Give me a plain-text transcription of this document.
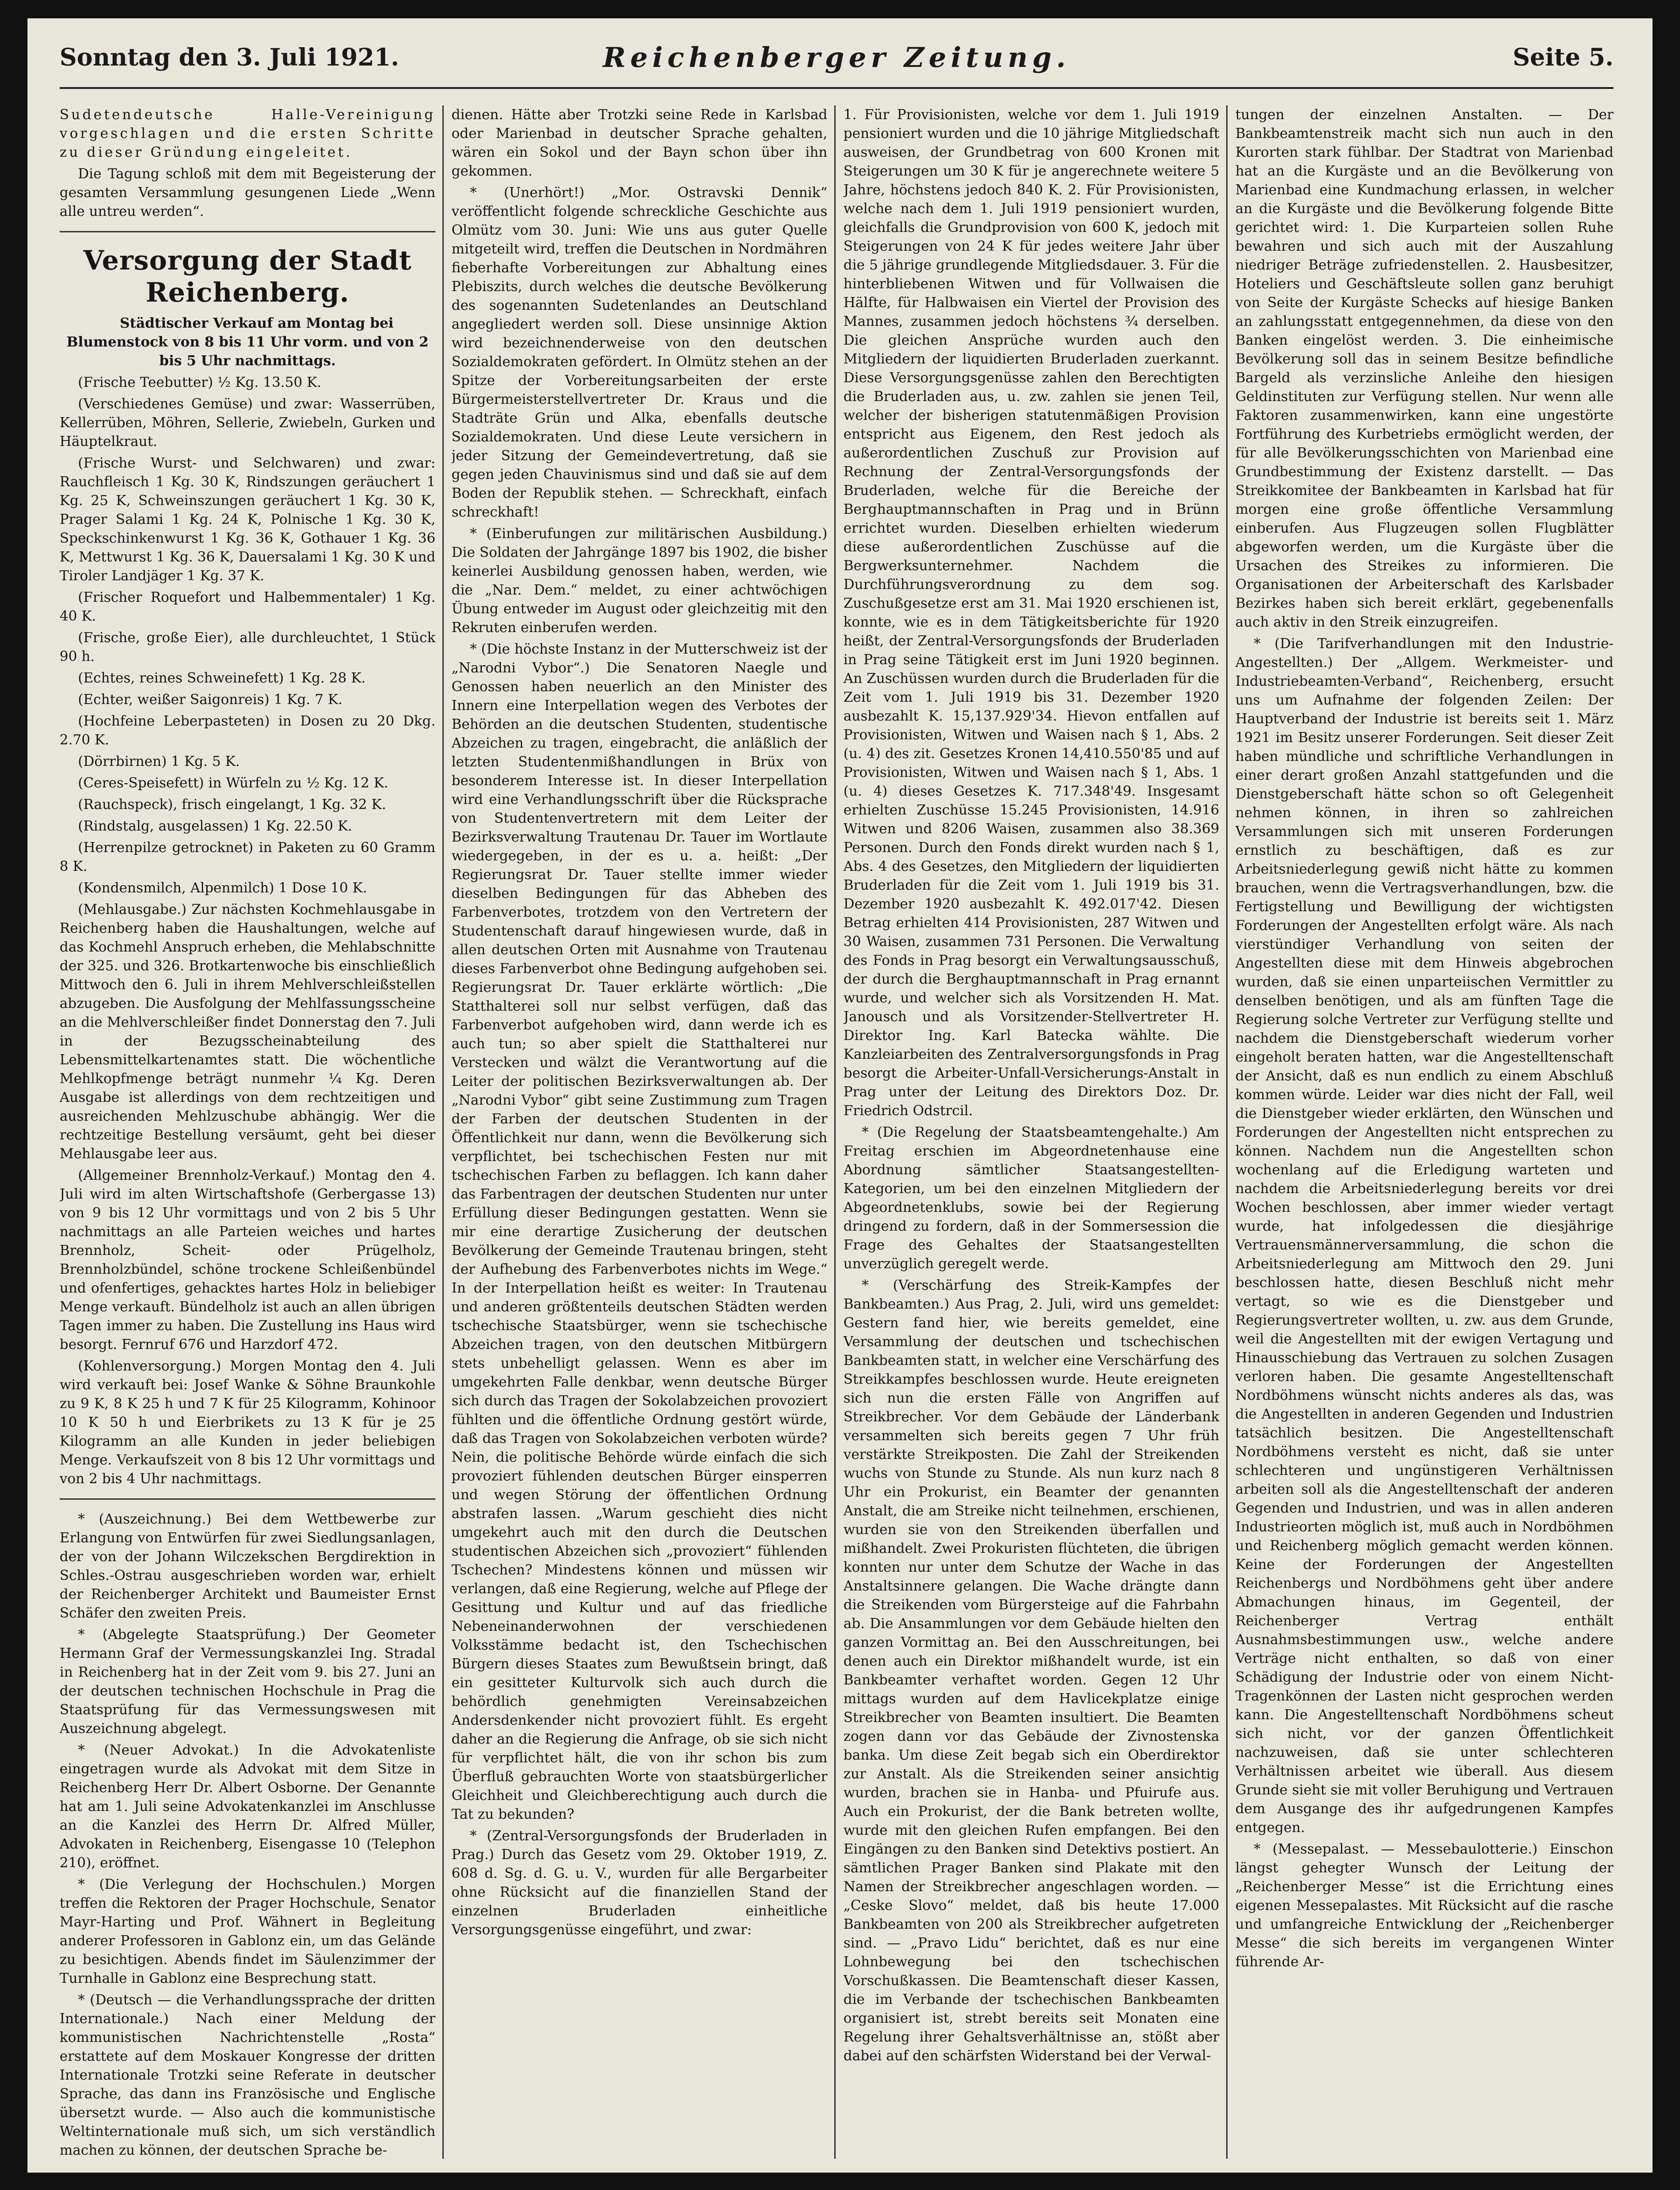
Sonntag den 3. Juli 1921.	Reichenberger Zeitung.	Seite 5.

Sudetendeutsche Halle-Vereinigung vorgeschlagen und die ersten Schritte zu dieser Gründung eingeleitet.

Die Tagung schloß mit dem mit Begeisterung der gesamten Versammlung gesungenen Liede „Wenn alle untreu werden“.

Versorgung der Stadt Reichenberg.

Städtischer Verkauf am Montag bei Blumenstock von 8 bis 11 Uhr vorm. und von 2 bis 5 Uhr nachmittags.

(Frische Teebutter) ½ Kg. 13.50 K.

(Verschiedenes Gemüse) und zwar: Wasserrüben, Kellerrüben, Möhren, Sellerie, Zwiebeln, Gurken und Häuptelkraut.

(Frische Wurst- und Selchwaren) und zwar: Rauchfleisch 1 Kg. 30 K, Rindszungen geräuchert 1 Kg. 25 K, Schweinszungen geräuchert 1 Kg. 30 K, Prager Salami 1 Kg. 24 K, Polnische 1 Kg. 30 K, Speckschinkenwurst 1 Kg. 36 K, Gothauer 1 Kg. 36 K, Mettwurst 1 Kg. 36 K, Dauersalami 1 Kg. 30 K und Tiroler Landjäger 1 Kg. 37 K.

(Frischer Roquefort und Halbemmentaler) 1 Kg. 40 K.

(Frische, große Eier), alle durchleuchtet, 1 Stück 90 h.

(Echtes, reines Schweinefett) 1 Kg. 28 K.

(Echter, weißer Saigonreis) 1 Kg. 7 K.

(Hochfeine Leberpasteten) in Dosen zu 20 Dkg. 2.70 K.

(Dörrbirnen) 1 Kg. 5 K.

(Ceres-Speisefett) in Würfeln zu ½ Kg. 12 K.

(Rauchspeck), frisch eingelangt, 1 Kg. 32 K.

(Rindstalg, ausgelassen) 1 Kg. 22.50 K.

(Herrenpilze getrocknet) in Paketen zu 60 Gramm 8 K.

(Kondensmilch, Alpenmilch) 1 Dose 10 K.

(Mehlausgabe.) Zur nächsten Kochmehlausgabe in Reichenberg haben die Haushaltungen, welche auf das Kochmehl Anspruch erheben, die Mehlabschnitte der 325. und 326. Brotkartenwoche bis einschließlich Mittwoch den 6. Juli in ihrem Mehlverschleißstellen abzugeben. Die Ausfolgung der Mehlfassungsscheine an die Mehlverschleißer findet Donnerstag den 7. Juli in der Bezugsscheinabteilung des Lebensmittelkartenamtes statt. Die wöchentliche Mehlkopfmenge beträgt nunmehr ¼ Kg. Deren Ausgabe ist allerdings von dem rechtzeitigen und ausreichenden Mehlzuschube abhängig. Wer die rechtzeitige Bestellung versäumt, geht bei dieser Mehlausgabe leer aus.

(Allgemeiner Brennholz-Verkauf.) Montag den 4. Juli wird im alten Wirtschaftshofe (Gerbergasse 13) von 9 bis 12 Uhr vormittags und von 2 bis 5 Uhr nachmittags an alle Parteien weiches und hartes Brennholz, Scheit- oder Prügelholz, Brennholzbündel, schöne trockene Schleißenbündel und ofenfertiges, gehacktes hartes Holz in beliebiger Menge verkauft. Bündelholz ist auch an allen übrigen Tagen immer zu haben. Die Zustellung ins Haus wird besorgt. Fernruf 676 und Harzdorf 472.

(Kohlenversorgung.) Morgen Montag den 4. Juli wird verkauft bei: Josef Wanke & Söhne Braunkohle zu 9 K, 8 K 25 h und 7 K für 25 Kilogramm, Kohinoor 10 K 50 h und Eierbrikets zu 13 K für je 25 Kilogramm an alle Kunden in jeder beliebigen Menge. Verkaufszeit von 8 bis 12 Uhr vormittags und von 2 bis 4 Uhr nachmittags.

* (Auszeichnung.) Bei dem Wettbewerbe zur Erlangung von Entwürfen für zwei Siedlungsanlagen, der von der Johann Wilczekschen Bergdirektion in Schles.-Ostrau ausgeschrieben worden war, erhielt der Reichenberger Architekt und Baumeister Ernst Schäfer den zweiten Preis.

* (Abgelegte Staatsprüfung.) Der Geometer Hermann Graf der Vermessungskanzlei Ing. Stradal in Reichenberg hat in der Zeit vom 9. bis 27. Juni an der deutschen technischen Hochschule in Prag die Staatsprüfung für das Vermessungswesen mit Auszeichnung abgelegt.

* (Neuer Advokat.) In die Advokatenliste eingetragen wurde als Advokat mit dem Sitze in Reichenberg Herr Dr. Albert Osborne. Der Genannte hat am 1. Juli seine Advokatenkanzlei im Anschlusse an die Kanzlei des Herrn Dr. Alfred Müller, Advokaten in Reichenberg, Eisengasse 10 (Telephon 210), eröffnet.

* (Die Verlegung der Hochschulen.) Morgen treffen die Rektoren der Prager Hochschule, Senator Mayr-Harting und Prof. Wähnert in Begleitung anderer Professoren in Gablonz ein, um das Gelände zu besichtigen. Abends findet im Säulenzimmer der Turnhalle in Gablonz eine Besprechung statt.

* (Deutsch — die Verhandlungssprache der dritten Internationale.) Nach einer Meldung der kommunistischen Nachrichtenstelle „Rosta“ erstattete auf dem Moskauer Kongresse der dritten Internationale Trotzki seine Referate in deutscher Sprache, das dann ins Französische und Englische übersetzt wurde. — Also auch die kommunistische Weltinternationale muß sich, um sich verständlich machen zu können, der deutschen Sprache be-

dienen. Hätte aber Trotzki seine Rede in Karlsbad oder Marienbad in deutscher Sprache gehalten, wären ein Sokol und der Bayn schon über ihn gekommen.

* (Unerhört!) „Mor. Ostravski Dennik“ veröffentlicht folgende schreckliche Geschichte aus Olmütz vom 30. Juni: Wie uns aus guter Quelle mitgeteilt wird, treffen die Deutschen in Nordmähren fieberhafte Vorbereitungen zur Abhaltung eines Plebiszits, durch welches die deutsche Bevölkerung des sogenannten Sudetenlandes an Deutschland angegliedert werden soll. Diese unsinnige Aktion wird bezeichnenderweise von den deutschen Sozialdemokraten gefördert. In Olmütz stehen an der Spitze der Vorbereitungsarbeiten der erste Bürgermeisterstellvertreter Dr. Kraus und die Stadträte Grün und Alka, ebenfalls deutsche Sozialdemokraten. Und diese Leute versichern in jeder Sitzung der Gemeindevertretung, daß sie gegen jeden Chauvinismus sind und daß sie auf dem Boden der Republik stehen. — Schreckhaft, einfach schreckhaft!

* (Einberufungen zur militärischen Ausbildung.) Die Soldaten der Jahrgänge 1897 bis 1902, die bisher keinerlei Ausbildung genossen haben, werden, wie die „Nar. Dem.“ meldet, zu einer achtwöchigen Übung entweder im August oder gleichzeitig mit den Rekruten einberufen werden.

* (Die höchste Instanz in der Mutterschweiz ist der „Narodni Vybor“.) Die Senatoren Naegle und Genossen haben neuerlich an den Minister des Innern eine Interpellation wegen des Verbotes der Behörden an die deutschen Studenten, studentische Abzeichen zu tragen, eingebracht, die anläßlich der letzten Studentenmißhandlungen in Brüx von besonderem Interesse ist. In dieser Interpellation wird eine Verhandlungsschrift über die Rücksprache von Studentenvertretern mit dem Leiter der Bezirksverwaltung Trautenau Dr. Tauer im Wortlaute wiedergegeben, in der es u. a. heißt: „Der Regierungsrat Dr. Tauer stellte immer wieder dieselben Bedingungen für das Abheben des Farbenverbotes, trotzdem von den Vertretern der Studentenschaft darauf hingewiesen wurde, daß in allen deutschen Orten mit Ausnahme von Trautenau dieses Farbenverbot ohne Bedingung aufgehoben sei. Regierungsrat Dr. Tauer erklärte wörtlich: „Die Statthalterei soll nur selbst verfügen, daß das Farbenverbot aufgehoben wird, dann werde ich es auch tun; so aber spielt die Statthalterei nur Verstecken und wälzt die Verantwortung auf die Leiter der politischen Bezirksverwaltungen ab. Der „Narodni Vybor“ gibt seine Zustimmung zum Tragen der Farben der deutschen Studenten in der Öffentlichkeit nur dann, wenn die Bevölkerung sich verpflichtet, bei tschechischen Festen nur mit tschechischen Farben zu beflaggen. Ich kann daher das Farbentragen der deutschen Studenten nur unter Erfüllung dieser Bedingungen gestatten. Wenn sie mir eine derartige Zusicherung der deutschen Bevölkerung der Gemeinde Trautenau bringen, steht der Aufhebung des Farbenverbotes nichts im Wege.“ In der Interpellation heißt es weiter: In Trautenau und anderen größtenteils deutschen Städten werden tschechische Staatsbürger, wenn sie tschechische Abzeichen tragen, von den deutschen Mitbürgern stets unbehelligt gelassen. Wenn es aber im umgekehrten Falle denkbar, wenn deutsche Bürger sich durch das Tragen der Sokolabzeichen provoziert fühlten und die öffentliche Ordnung gestört würde, daß das Tragen von Sokolabzeichen verboten würde? Nein, die politische Behörde würde einfach die sich provoziert fühlenden deutschen Bürger einsperren und wegen Störung der öffentlichen Ordnung abstrafen lassen. „Warum geschieht dies nicht umgekehrt auch mit den durch die Deutschen studentischen Abzeichen sich „provoziert“ fühlenden Tschechen? Mindestens können und müssen wir verlangen, daß eine Regierung, welche auf Pflege der Gesittung und Kultur und auf das friedliche Nebeneinanderwohnen der verschiedenen Volksstämme bedacht ist, den Tschechischen Bürgern dieses Staates zum Bewußtsein bringt, daß ein gesitteter Kulturvolk sich auch durch die behördlich genehmigten Vereinsabzeichen Andersdenkender nicht provoziert fühlt. Es ergeht daher an die Regierung die Anfrage, ob sie sich nicht für verpflichtet hält, die von ihr schon bis zum Überfluß gebrauchten Worte von staatsbürgerlicher Gleichheit und Gleichberechtigung auch durch die Tat zu bekunden?

* (Zentral-Versorgungsfonds der Bruderladen in Prag.) Durch das Gesetz vom 29. Oktober 1919, Z. 608 d. Sg. d. G. u. V., wurden für alle Bergarbeiter ohne Rücksicht auf die finanziellen Stand der einzelnen Bruderladen einheitliche Versorgungsgenüsse eingeführt, und zwar:

1. Für Provisionisten, welche vor dem 1. Juli 1919 pensioniert wurden und die 10 jährige Mitgliedschaft ausweisen, der Grundbetrag von 600 Kronen mit Steigerungen um 30 K für je angerechnete weitere 5 Jahre, höchstens jedoch 840 K. 2. Für Provisionisten, welche nach dem 1. Juli 1919 pensioniert wurden, gleichfalls die Grundprovision von 600 K, jedoch mit Steigerungen von 24 K für jedes weitere Jahr über die 5 jährige grundlegende Mitgliedsdauer. 3. Für die hinterbliebenen Witwen und für Vollwaisen die Hälfte, für Halbwaisen ein Viertel der Provision des Mannes, zusammen jedoch höchstens ¾ derselben. Die gleichen Ansprüche wurden auch den Mitgliedern der liquidierten Bruderladen zuerkannt. Diese Versorgungsgenüsse zahlen den Berechtigten die Bruderladen aus, u. zw. zahlen sie jenen Teil, welcher der bisherigen statutenmäßigen Provision entspricht aus Eigenem, den Rest jedoch als außerordentlichen Zuschuß zur Provision auf Rechnung der Zentral-Versorgungsfonds der Bruderladen, welche für die Bereiche der Berghauptmannschaften in Prag und in Brünn errichtet wurden. Dieselben erhielten wiederum diese außerordentlichen Zuschüsse auf die Bergwerksunternehmer. Nachdem die Durchführungsverordnung zu dem sog. Zuschußgesetze erst am 31. Mai 1920 erschienen ist, konnte, wie es in dem Tätigkeitsberichte für 1920 heißt, der Zentral-Versorgungsfonds der Bruderladen in Prag seine Tätigkeit erst im Juni 1920 beginnen. An Zuschüssen wurden durch die Bruderladen für die Zeit vom 1. Juli 1919 bis 31. Dezember 1920 ausbezahlt K. 15,137.929'34. Hievon entfallen auf Provisionisten, Witwen und Waisen nach § 1, Abs. 2 (u. 4) des zit. Gesetzes Kronen 14,410.550'85 und auf Provisionisten, Witwen und Waisen nach § 1, Abs. 1 (u. 4) dieses Gesetzes K. 717.348'49. Insgesamt erhielten Zuschüsse 15.245 Provisionisten, 14.916 Witwen und 8206 Waisen, zusammen also 38.369 Personen. Durch den Fonds direkt wurden nach § 1, Abs. 4 des Gesetzes, den Mitgliedern der liquidierten Bruderladen für die Zeit vom 1. Juli 1919 bis 31. Dezember 1920 ausbezahlt K. 492.017'42. Diesen Betrag erhielten 414 Provisionisten, 287 Witwen und 30 Waisen, zusammen 731 Personen. Die Verwaltung des Fonds in Prag besorgt ein Verwaltungsausschuß, der durch die Berghauptmannschaft in Prag ernannt wurde, und welcher sich als Vorsitzenden H. Mat. Janousch und als Vorsitzender-Stellvertreter H. Direktor Ing. Karl Batecka wählte. Die Kanzleiarbeiten des Zentralversorgungsfonds in Prag besorgt die Arbeiter-Unfall-Versicherungs-Anstalt in Prag unter der Leitung des Direktors Doz. Dr. Friedrich Odstrcil.

* (Die Regelung der Staatsbeamtengehalte.) Am Freitag erschien im Abgeordnetenhause eine Abordnung sämtlicher Staatsangestellten-Kategorien, um bei den einzelnen Mitgliedern der Abgeordnetenklubs, sowie bei der Regierung dringend zu fordern, daß in der Sommersession die Frage des Gehaltes der Staatsangestellten unverzüglich geregelt werde.

* (Verschärfung des Streik-Kampfes der Bankbeamten.) Aus Prag, 2. Juli, wird uns gemeldet: Gestern fand hier, wie bereits gemeldet, eine Versammlung der deutschen und tschechischen Bankbeamten statt, in welcher eine Verschärfung des Streikkampfes beschlossen wurde. Heute ereigneten sich nun die ersten Fälle von Angriffen auf Streikbrecher. Vor dem Gebäude der Länderbank versammelten sich bereits gegen 7 Uhr früh verstärkte Streikposten. Die Zahl der Streikenden wuchs von Stunde zu Stunde. Als nun kurz nach 8 Uhr ein Prokurist, ein Beamter der genannten Anstalt, die am Streike nicht teilnehmen, erschienen, wurden sie von den Streikenden überfallen und mißhandelt. Zwei Prokuristen flüchteten, die übrigen konnten nur unter dem Schutze der Wache in das Anstaltsinnere gelangen. Die Wache drängte dann die Streikenden vom Bürgersteige auf die Fahrbahn ab. Die Ansammlungen vor dem Gebäude hielten den ganzen Vormittag an. Bei den Ausschreitungen, bei denen auch ein Direktor mißhandelt wurde, ist ein Bankbeamter verhaftet worden. Gegen 12 Uhr mittags wurden auf dem Havlicekplatze einige Streikbrecher von Beamten insultiert. Die Beamten zogen dann vor das Gebäude der Zivnostenska banka. Um diese Zeit begab sich ein Oberdirektor zur Anstalt. Als die Streikenden seiner ansichtig wurden, brachen sie in Hanba- und Pfuirufe aus. Auch ein Prokurist, der die Bank betreten wollte, wurde mit den gleichen Rufen empfangen. Bei den Eingängen zu den Banken sind Detektivs postiert. An sämtlichen Prager Banken sind Plakate mit den Namen der Streikbrecher angeschlagen worden. — „Ceske Slovo“ meldet, daß bis heute 17.000 Bankbeamten von 200 als Streikbrecher aufgetreten sind. — „Pravo Lidu“ berichtet, daß es nur eine Lohnbewegung bei den tschechischen Vorschußkassen. Die Beamtenschaft dieser Kassen, die im Verbande der tschechischen Bankbeamten organisiert ist, strebt bereits seit Monaten eine Regelung ihrer Gehaltsverhältnisse an, stößt aber dabei auf den schärfsten Widerstand bei der Verwal-

tungen der einzelnen Anstalten. — Der Bankbeamtenstreik macht sich nun auch in den Kurorten stark fühlbar. Der Stadtrat von Marienbad hat an die Kurgäste und an die Bevölkerung von Marienbad eine Kundmachung erlassen, in welcher an die Kurgäste und die Bevölkerung folgende Bitte gerichtet wird: 1. Die Kurparteien sollen Ruhe bewahren und sich auch mit der Auszahlung niedriger Beträge zufriedenstellen. 2. Hausbesitzer, Hoteliers und Geschäftsleute sollen ganz beruhigt von Seite der Kurgäste Schecks auf hiesige Banken an zahlungsstatt entgegennehmen, da diese von den Banken eingelöst werden. 3. Die einheimische Bevölkerung soll das in seinem Besitze befindliche Bargeld als verzinsliche Anleihe den hiesigen Geldinstituten zur Verfügung stellen. Nur wenn alle Faktoren zusammenwirken, kann eine ungestörte Fortführung des Kurbetriebs ermöglicht werden, der für alle Bevölkerungsschichten von Marienbad eine Grundbestimmung der Existenz darstellt. — Das Streikkomitee der Bankbeamten in Karlsbad hat für morgen eine große öffentliche Versammlung einberufen. Aus Flugzeugen sollen Flugblätter abgeworfen werden, um die Kurgäste über die Ursachen des Streikes zu informieren. Die Organisationen der Arbeiterschaft des Karlsbader Bezirkes haben sich bereit erklärt, gegebenenfalls auch aktiv in den Streik einzugreifen.

* (Die Tarifverhandlungen mit den Industrie-Angestellten.) Der „Allgem. Werkmeister- und Industriebeamten-Verband“, Reichenberg, ersucht uns um Aufnahme der folgenden Zeilen: Der Hauptverband der Industrie ist bereits seit 1. März 1921 im Besitz unserer Forderungen. Seit dieser Zeit haben mündliche und schriftliche Verhandlungen in einer derart großen Anzahl stattgefunden und die Dienstgeberschaft hätte schon so oft Gelegenheit nehmen können, in ihren so zahlreichen Versammlungen sich mit unseren Forderungen ernstlich zu beschäftigen, daß es zur Arbeitsniederlegung gewiß nicht hätte zu kommen brauchen, wenn die Vertragsverhandlungen, bzw. die Fertigstellung und Bewilligung der wichtigsten Forderungen der Angestellten erfolgt wäre. Als nach vierstündiger Verhandlung von seiten der Angestellten diese mit dem Hinweis abgebrochen wurden, daß sie einen unparteiischen Vermittler zu denselben benötigen, und als am fünften Tage die Regierung solche Vertreter zur Verfügung stellte und nachdem die Dienstgeberschaft wiederum vorher eingeholt beraten hatten, war die Angestelltenschaft der Ansicht, daß es nun endlich zu einem Abschluß kommen würde. Leider war dies nicht der Fall, weil die Dienstgeber wieder erklärten, den Wünschen und Forderungen der Angestellten nicht entsprechen zu können. Nachdem nun die Angestellten schon wochenlang auf die Erledigung warteten und nachdem die Arbeitsniederlegung bereits vor drei Wochen beschlossen, aber immer wieder vertagt wurde, hat infolgedessen die diesjährige Vertrauensmännerversammlung, die schon die Arbeitsniederlegung am Mittwoch den 29. Juni beschlossen hatte, diesen Beschluß nicht mehr vertagt, so wie es die Dienstgeber und Regierungsvertreter wollten, u. zw. aus dem Grunde, weil die Angestellten mit der ewigen Vertagung und Hinausschiebung das Vertrauen zu solchen Zusagen verloren haben. Die gesamte Angestelltenschaft Nordböhmens wünscht nichts anderes als das, was die Angestellten in anderen Gegenden und Industrien tatsächlich besitzen. Die Angestelltenschaft Nordböhmens versteht es nicht, daß sie unter schlechteren und ungünstigeren Verhältnissen arbeiten soll als die Angestelltenschaft der anderen Gegenden und Industrien, und was in allen anderen Industrieorten möglich ist, muß auch in Nordböhmen und Reichenberg möglich gemacht werden können. Keine der Forderungen der Angestellten Reichenbergs und Nordböhmens geht über andere Abmachungen hinaus, im Gegenteil, der Reichenberger Vertrag enthält Ausnahmsbestimmungen usw., welche andere Verträge nicht enthalten, so daß von einer Schädigung der Industrie oder von einem Nicht-Tragenkönnen der Lasten nicht gesprochen werden kann. Die Angestelltenschaft Nordböhmens scheut sich nicht, vor der ganzen Öffentlichkeit nachzuweisen, daß sie unter schlechteren Verhältnissen arbeitet wie überall. Aus diesem Grunde sieht sie mit voller Beruhigung und Vertrauen dem Ausgange des ihr aufgedrungenen Kampfes entgegen.

* (Messepalast. — Messebaulotterie.) Einschon längst gehegter Wunsch der Leitung der „Reichenberger Messe“ ist die Errichtung eines eigenen Messepalastes. Mit Rücksicht auf die rasche und umfangreiche Entwicklung der „Reichenberger Messe“ die sich bereits im vergangenen Winter führende Ar-
